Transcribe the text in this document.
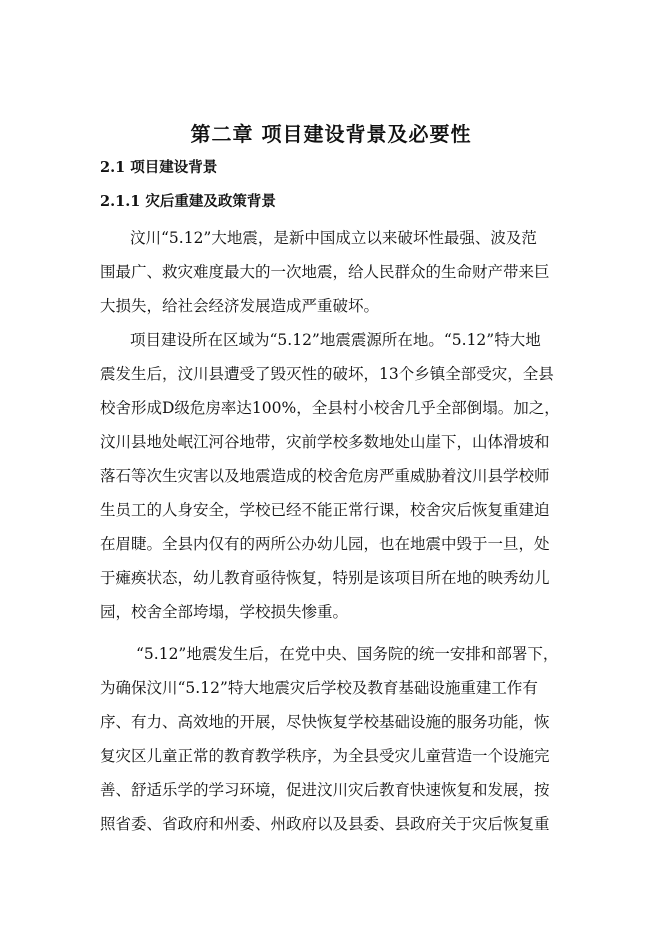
第二章 项目建设背景及必要性
2.1 项目建设背景
2.1.1 灾后重建及政策背景
汶川“5.12”大地震，是新中国成立以来破坏性最强、波及范
围最广、救灾难度最大的一次地震，给人民群众的生命财产带来巨
大损失，给社会经济发展造成严重破坏。
项目建设所在区域为“5.12”地震震源所在地。“5.12”特大地
震发生后，汶川县遭受了毁灭性的破坏，13个乡镇全部受灾，全县
校舍形成D级危房率达100%，全县村小校舍几乎全部倒塌。加之，
汶川县地处岷江河谷地带，灾前学校多数地处山崖下，山体滑坡和
落石等次生灾害以及地震造成的校舍危房严重威胁着汶川县学校师
生员工的人身安全，学校已经不能正常行课，校舍灾后恢复重建迫
在眉睫。全县内仅有的两所公办幼儿园，也在地震中毁于一旦，处
于瘫痪状态，幼儿教育亟待恢复，特别是该项目所在地的映秀幼儿
园，校舍全部垮塌，学校损失惨重。
“5.12”地震发生后，在党中央、国务院的统一安排和部署下，
为确保汶川“5.12”特大地震灾后学校及教育基础设施重建工作有
序、有力、高效地的开展，尽快恢复学校基础设施的服务功能，恢
复灾区儿童正常的教育教学秩序，为全县受灾儿童营造一个设施完
善、舒适乐学的学习环境，促进汶川灾后教育快速恢复和发展，按
照省委、省政府和州委、州政府以及县委、县政府关于灾后恢复重
